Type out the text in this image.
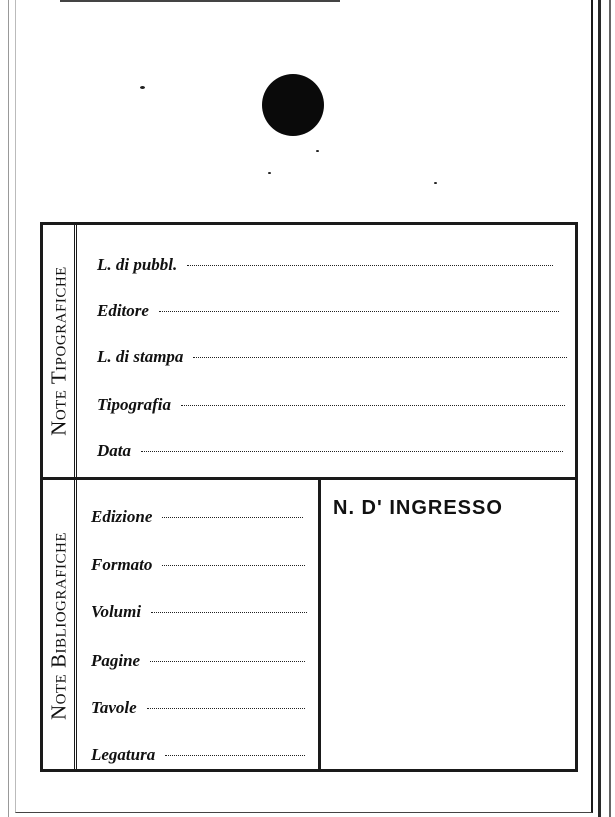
Note Tipografiche
Note Bibliografiche
L. di pubbl.
Editore
L. di stampa
Tipografia
Data
Edizione
Formato
Volumi
Pagine
Tavole
Legatura
N. D' INGRESSO
